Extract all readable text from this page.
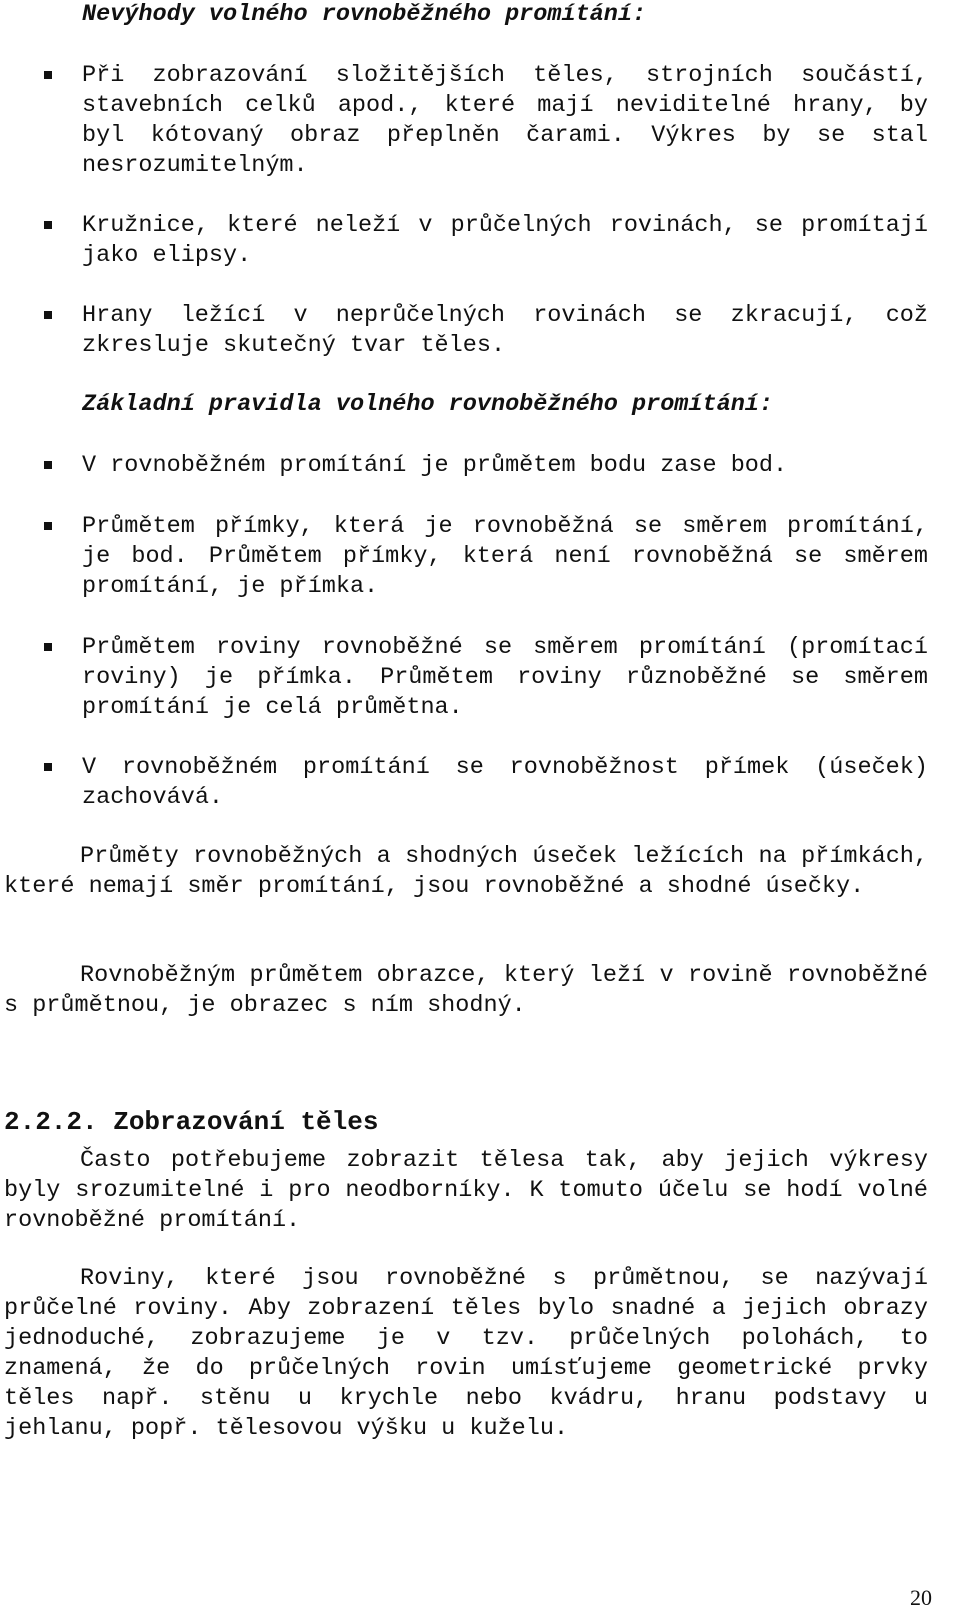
Nevýhody volného rovnoběžného promítání:
Při zobrazování složitějších těles, strojních součástí, stavebních celků apod., které mají neviditelné hrany, by byl kótovaný obraz přeplněn čarami. Výkres by se stal nesrozumitelným.
Kružnice, které neleží v průčelných rovinách, se promítají jako elipsy.
Hrany ležící v neprůčelných rovinách se zkracují, což zkresluje skutečný tvar těles.
Základní pravidla volného rovnoběžného promítání:
V rovnoběžném promítání je průmětem bodu zase bod.
Průmětem přímky, která je rovnoběžná se směrem promítání, je bod. Průmětem přímky, která není rovnoběžná se směrem promítání, je přímka.
Průmětem roviny rovnoběžné se směrem promítání (promítací roviny) je přímka. Průmětem roviny různoběžné se směrem promítání je celá průmětna.
V rovnoběžném promítání se rovnoběžnost přímek (úseček) zachovává.
Průměty rovnoběžných a shodných úseček ležících na přímkách, které nemají směr promítání, jsou rovnoběžné a shodné úsečky.
Rovnoběžným průmětem obrazce, který leží v rovině rovnoběžné s průmětnou, je obrazec s ním shodný.
2.2.2. Zobrazování těles
Často potřebujeme zobrazit tělesa tak, aby jejich výkresy byly srozumitelné i pro neodborníky. K tomuto účelu se hodí volné rovnoběžné promítání.
Roviny, které jsou rovnoběžné s průmětnou, se nazývají průčelné roviny. Aby zobrazení těles bylo snadné a jejich obrazy jednoduché, zobrazujeme je v tzv. průčelných polohách, to znamená, že do průčelných rovin umísťujeme geometrické prvky těles např. stěnu u krychle nebo kvádru, hranu podstavy u jehlanu, popř. tělesovou výšku u kuželu.
20
